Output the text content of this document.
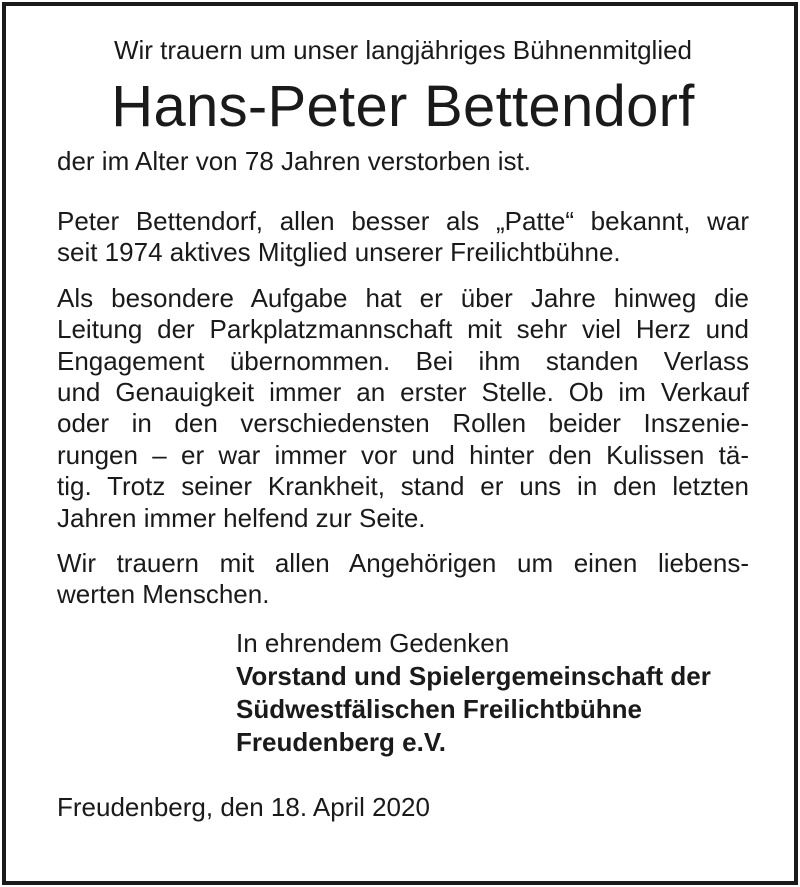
Wir trauern um unser langjähriges Bühnenmitglied

Hans-Peter Bettendorf

der im Alter von 78 Jahren verstorben ist.

Peter Bettendorf, allen besser als „Patte“ bekannt, war
seit 1974 aktives Mitglied unserer Freilichtbühne.

Als besondere Aufgabe hat er über Jahre hinweg die
Leitung der Parkplatzmannschaft mit sehr viel Herz und
Engagement übernommen. Bei ihm standen Verlass
und Genauigkeit immer an erster Stelle. Ob im Verkauf
oder in den verschiedensten Rollen beider Inszenie-
rungen – er war immer vor und hinter den Kulissen tä-
tig. Trotz seiner Krankheit, stand er uns in den letzten
Jahren immer helfend zur Seite.

Wir trauern mit allen Angehörigen um einen liebens-
werten Menschen.

In ehrendem Gedenken
Vorstand und Spielergemeinschaft der
Südwestfälischen Freilichtbühne
Freudenberg e.V.

Freudenberg, den 18. April 2020
